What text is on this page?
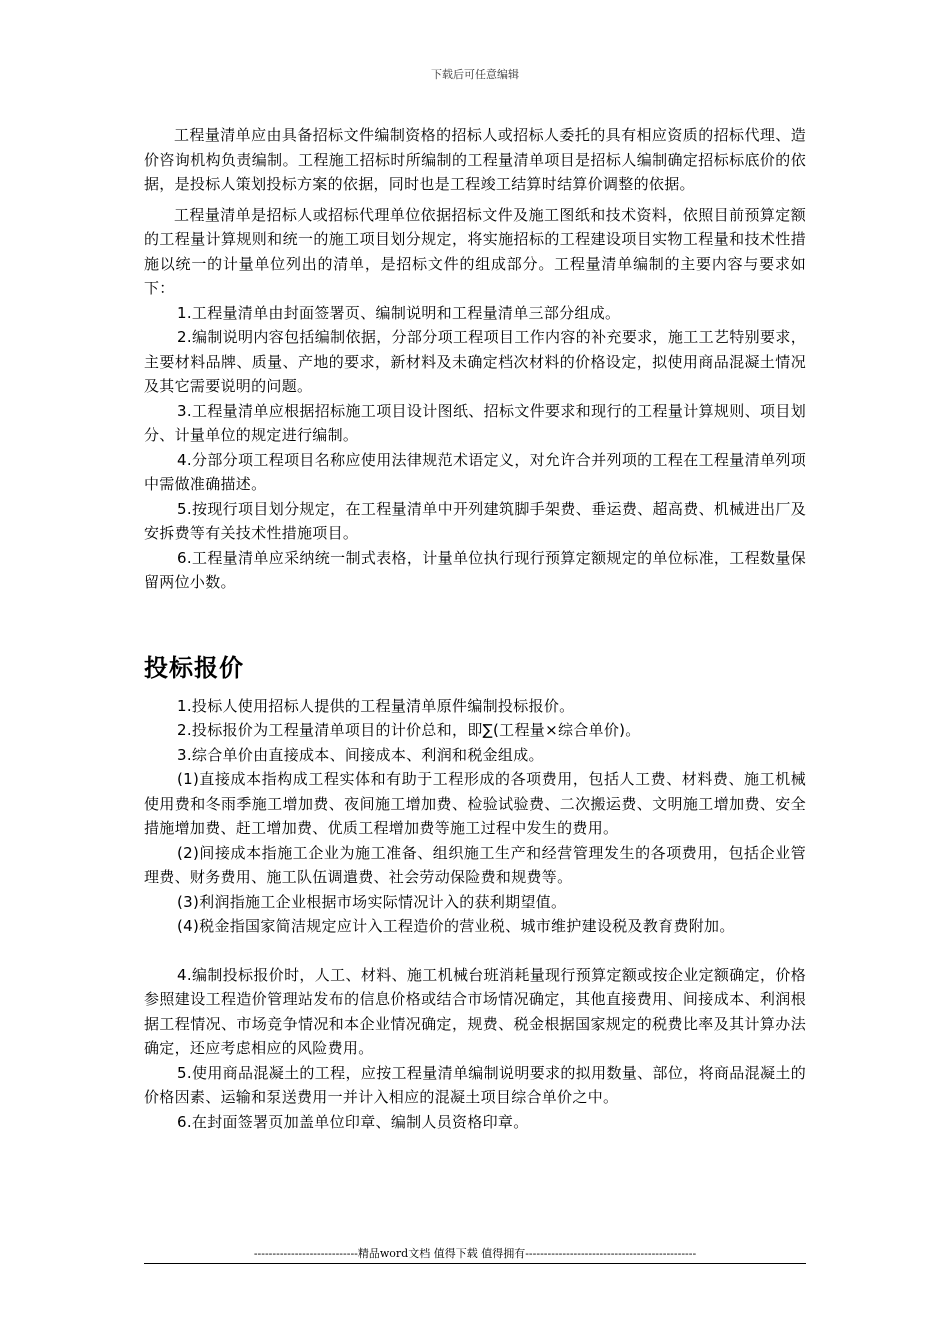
下载后可任意编辑

工程量清单应由具备招标文件编制资格的招标人或招标人委托的具有相应资质的招标代理、造价咨询机构负责编制。工程施工招标时所编制的工程量清单项目是招标人编制确定招标标底价的依据，是投标人策划投标方案的依据，同时也是工程竣工结算时结算价调整的依据。

工程量清单是招标人或招标代理单位依据招标文件及施工图纸和技术资料，依照目前预算定额的工程量计算规则和统一的施工项目划分规定，将实施招标的工程建设项目实物工程量和技术性措施以统一的计量单位列出的清单，是招标文件的组成部分。工程量清单编制的主要内容与要求如下：

1.工程量清单由封面签署页、编制说明和工程量清单三部分组成。

2.编制说明内容包括编制依据，分部分项工程项目工作内容的补充要求，施工工艺特别要求，主要材料品牌、质量、产地的要求，新材料及未确定档次材料的价格设定，拟使用商品混凝土情况及其它需要说明的问题。

3.工程量清单应根据招标施工项目设计图纸、招标文件要求和现行的工程量计算规则、项目划分、计量单位的规定进行编制。

4.分部分项工程项目名称应使用法律规范术语定义，对允许合并列项的工程在工程量清单列项中需做准确描述。

5.按现行项目划分规定，在工程量清单中开列建筑脚手架费、垂运费、超高费、机械进出厂及安拆费等有关技术性措施项目。

6.工程量清单应采纳统一制式表格，计量单位执行现行预算定额规定的单位标准，工程数量保留两位小数。

投标报价

1.投标人使用招标人提供的工程量清单原件编制投标报价。

2.投标报价为工程量清单项目的计价总和，即∑(工程量×综合单价)。

3.综合单价由直接成本、间接成本、利润和税金组成。

(1)直接成本指构成工程实体和有助于工程形成的各项费用，包括人工费、材料费、施工机械使用费和冬雨季施工增加费、夜间施工增加费、检验试验费、二次搬运费、文明施工增加费、安全措施增加费、赶工增加费、优质工程增加费等施工过程中发生的费用。

(2)间接成本指施工企业为施工准备、组织施工生产和经营管理发生的各项费用，包括企业管理费、财务费用、施工队伍调遣费、社会劳动保险费和规费等。

(3)利润指施工企业根据市场实际情况计入的获利期望值。

(4)税金指国家简洁规定应计入工程造价的营业税、城市维护建设税及教育费附加。

4.编制投标报价时，人工、材料、施工机械台班消耗量现行预算定额或按企业定额确定，价格参照建设工程造价管理站发布的信息价格或结合市场情况确定，其他直接费用、间接成本、利润根据工程情况、市场竞争情况和本企业情况确定，规费、税金根据国家规定的税费比率及其计算办法确定，还应考虑相应的风险费用。

5.使用商品混凝土的工程，应按工程量清单编制说明要求的拟用数量、部位，将商品混凝土的价格因素、运输和泵送费用一并计入相应的混凝土项目综合单价之中。

6.在封面签署页加盖单位印章、编制人员资格印章。

----------------------------精品word文档 值得下载 值得拥有----------------------------------------------
